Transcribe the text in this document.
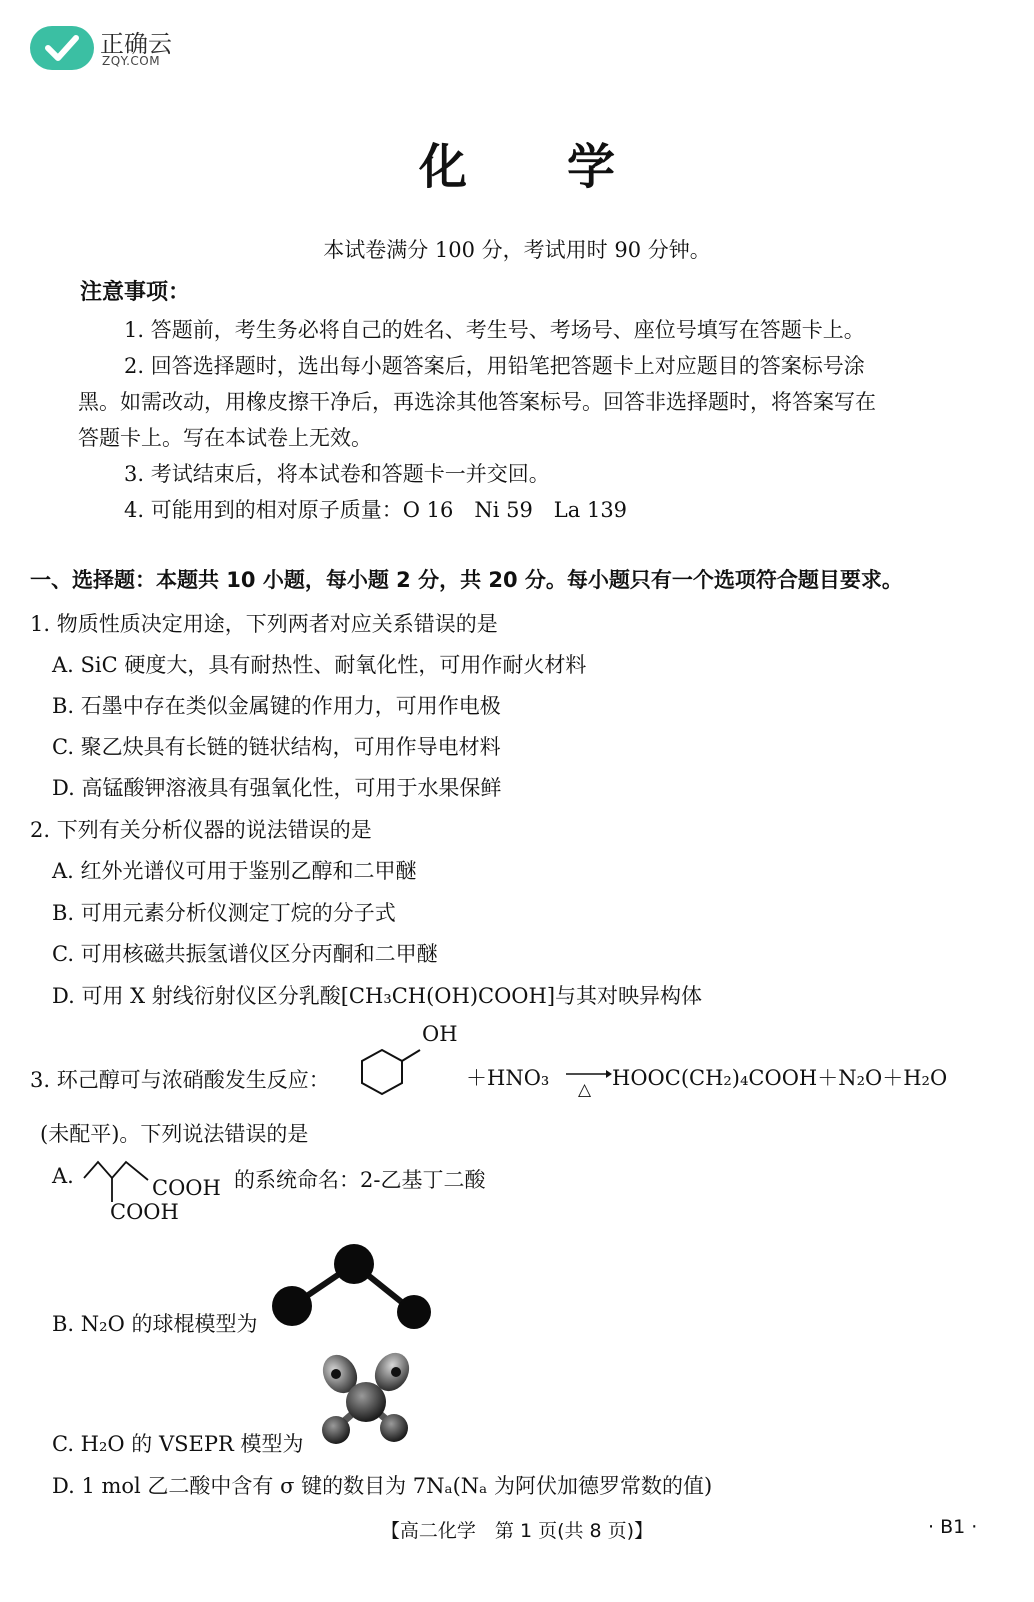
正确云
ZQY.COM
化学
本试卷满分 100 分，考试用时 90 分钟。
注意事项：
1. 答题前，考生务必将自己的姓名、考生号、考场号、座位号填写在答题卡上。
2. 回答选择题时，选出每小题答案后，用铅笔把答题卡上对应题目的答案标号涂
黑。如需改动，用橡皮擦干净后，再选涂其他答案标号。回答非选择题时，将答案写在
答题卡上。写在本试卷上无效。
3. 考试结束后，将本试卷和答题卡一并交回。
4. 可能用到的相对原子质量：O 16　Ni 59　La 139
一、选择题：本题共 10 小题，每小题 2 分，共 20 分。每小题只有一个选项符合题目要求。
1. 物质性质决定用途，下列两者对应关系错误的是
A. SiC 硬度大，具有耐热性、耐氧化性，可用作耐火材料
B. 石墨中存在类似金属键的作用力，可用作电极
C. 聚乙炔具有长链的链状结构，可用作导电材料
D. 高锰酸钾溶液具有强氧化性，可用于水果保鲜
2. 下列有关分析仪器的说法错误的是
A. 红外光谱仪可用于鉴别乙醇和二甲醚
B. 可用元素分析仪测定丁烷的分子式
C. 可用核磁共振氢谱仪区分丙酮和二甲醚
D. 可用 X 射线衍射仪区分乳酸[CH₃CH(OH)COOH]与其对映异构体
3. 环己醇可与浓硝酸发生反应：
OH
＋HNO₃ →
△ HOOC(CH₂)₄COOH＋N₂O＋H₂O
(未配平)。下列说法错误的是
A.	COOH
COOH
的系统命名：2-乙基丁二酸
B. N₂O 的球棍模型为
C. H₂O 的 VSEPR 模型为
D. 1 mol 乙二酸中含有 σ 键的数目为 7Nₐ(Nₐ 为阿伏加德罗常数的值)
【高二化学　第 1 页(共 8 页)】	· B1 ·
